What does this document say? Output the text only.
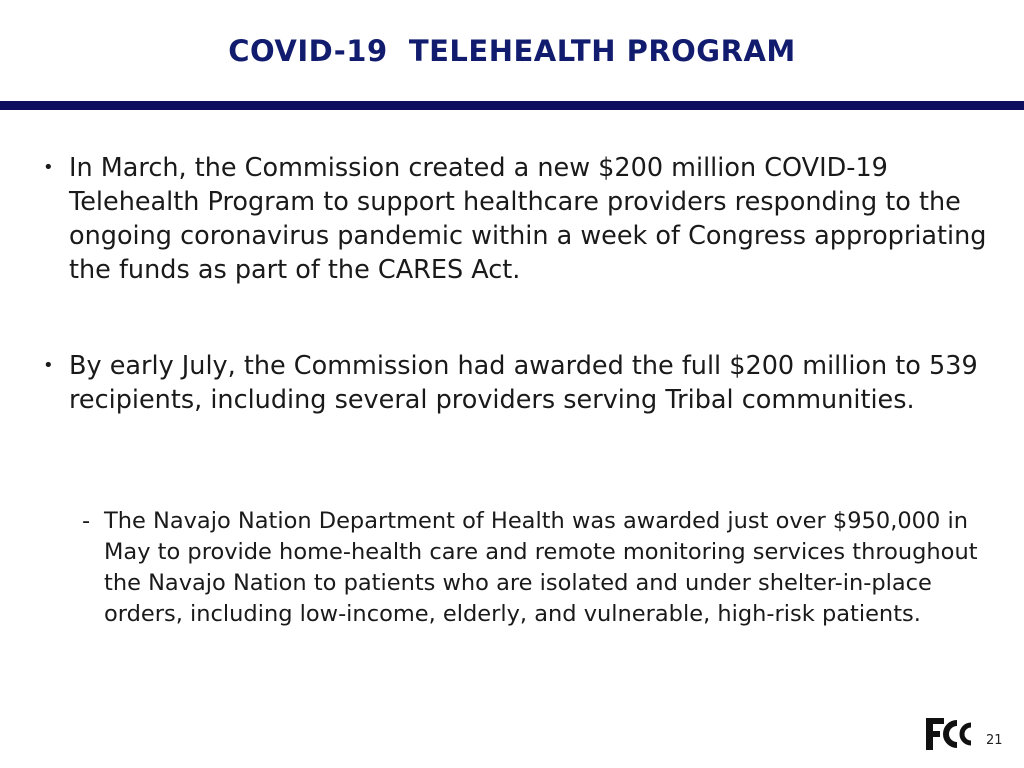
COVID-19  TELEHEALTH PROGRAM
• In March, the Commission created a new $200 million COVID-19 Telehealth Program to support healthcare providers responding to the ongoing coronavirus pandemic within a week of Congress appropriating the funds as part of the CARES Act.
• By early July, the Commission had awarded the full $200 million to 539 recipients, including several providers serving Tribal communities.
- The Navajo Nation Department of Health was awarded just over $950,000 in May to provide home-health care and remote monitoring services throughout the Navajo Nation to patients who are isolated and under shelter-in-place orders, including low-income, elderly, and vulnerable, high-risk patients.
21
